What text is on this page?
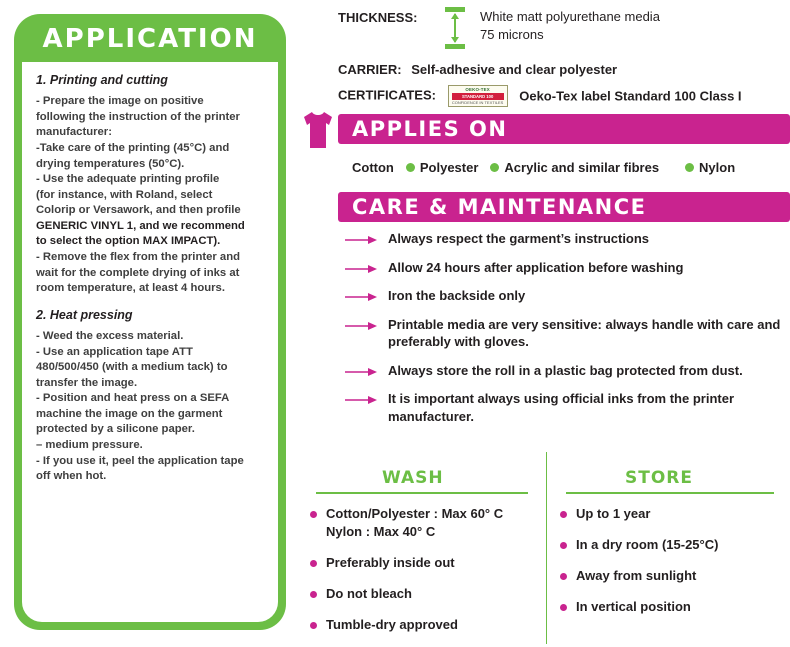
APPLICATION
1. Printing and cutting
- Prepare the image on positive
following the instruction of the printer
manufacturer:
-Take care of the printing (45°C) and
drying temperatures (50°C).
- Use the adequate printing profile
(for instance, with Roland, select
Colorip or Versawork, and then profile
GENERIC VINYL 1, and we recommend
to select the option MAX IMPACT).
- Remove the flex from the printer and
wait for the complete drying of inks at
room temperature, at least 4 hours.
2. Heat pressing
- Weed the excess material.
- Use an application tape ATT
480/500/450 (with a medium tack) to
transfer the image.
- Position and heat press on a SEFA
machine the image on the garment
protected by a silicone paper.
– medium pressure.
- If you use it, peel the application tape
off when hot.
THICKNESS:	White matt polyurethane media
75 microns
CARRIER: Self-adhesive and clear polyester
CERTIFICATES:	OEKO-TEX
STANDARD 100
CONFIDENCE IN TEXTILES Oeko-Tex label Standard 100 Class I
APPLIES ON
Cotton Polyester Acrylic and similar fibres	Nylon
CARE & MAINTENANCE
Always respect the garment’s instructions
Allow 24 hours after application before washing
Iron the backside only
Printable media are very sensitive: always handle with care and preferably with gloves.
Always store the roll in a plastic bag protected from dust.
It is important always using official inks from the printer manufacturer.
WASH	STORE
Cotton/Polyester : Max 60° C
Nylon : Max 40° C
Preferably inside out
Do not bleach
Tumble-dry approved
Up to 1 year
In a dry room (15-25°C)
Away from sunlight
In vertical position
